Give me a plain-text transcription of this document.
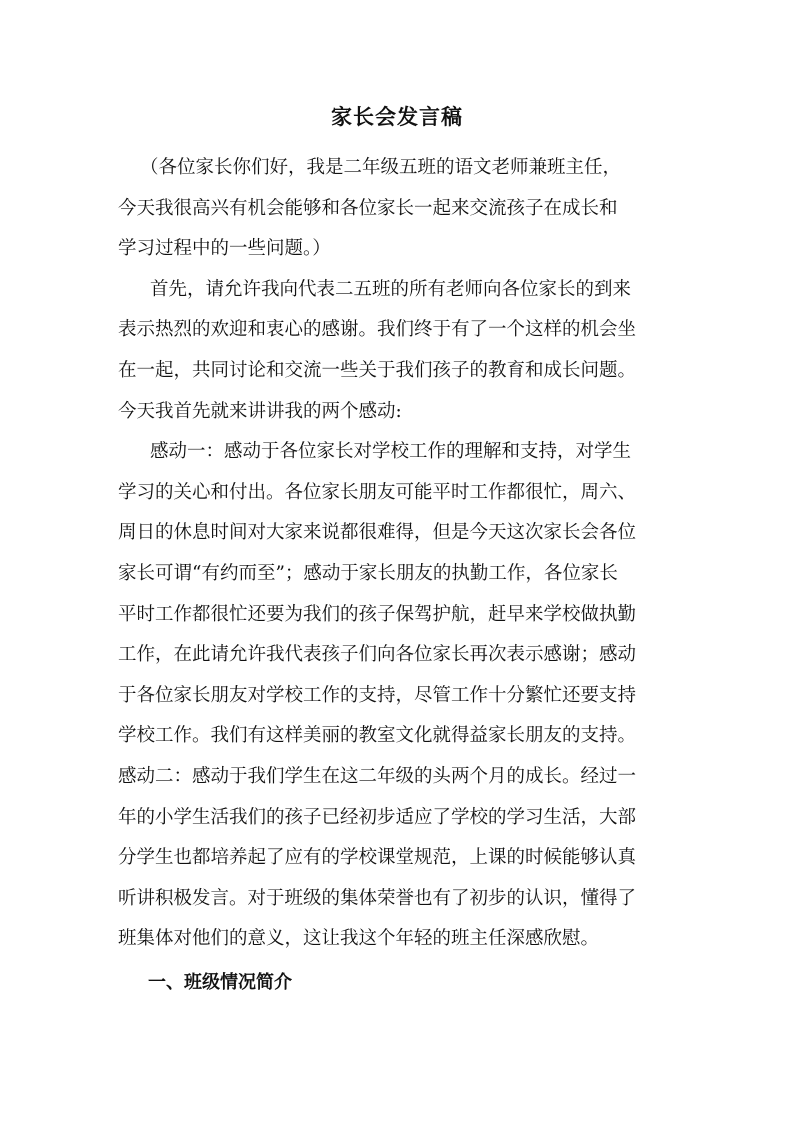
家长会发言稿
（各位家长你们好，我是二年级五班的语文老师兼班主任，
今天我很高兴有机会能够和各位家长一起来交流孩子在成长和
学习过程中的一些问题。）
首先，请允许我向代表二五班的所有老师向各位家长的到来
表示热烈的欢迎和衷心的感谢。我们终于有了一个这样的机会坐
在一起，共同讨论和交流一些关于我们孩子的教育和成长问题。
今天我首先就来讲讲我的两个感动:
感动一：感动于各位家长对学校工作的理解和支持，对学生
学习的关心和付出。各位家长朋友可能平时工作都很忙，周六、
周日的休息时间对大家来说都很难得，但是今天这次家长会各位
家长可谓“有约而至”；感动于家长朋友的执勤工作，各位家长
平时工作都很忙还要为我们的孩子保驾护航，赶早来学校做执勤
工作，在此请允许我代表孩子们向各位家长再次表示感谢；感动
于各位家长朋友对学校工作的支持，尽管工作十分繁忙还要支持
学校工作。我们有这样美丽的教室文化就得益家长朋友的支持。
感动二：感动于我们学生在这二年级的头两个月的成长。经过一
年的小学生活我们的孩子已经初步适应了学校的学习生活，大部
分学生也都培养起了应有的学校课堂规范，上课的时候能够认真
听讲积极发言。对于班级的集体荣誉也有了初步的认识，懂得了
班集体对他们的意义，这让我这个年轻的班主任深感欣慰。
一、班级情况简介
